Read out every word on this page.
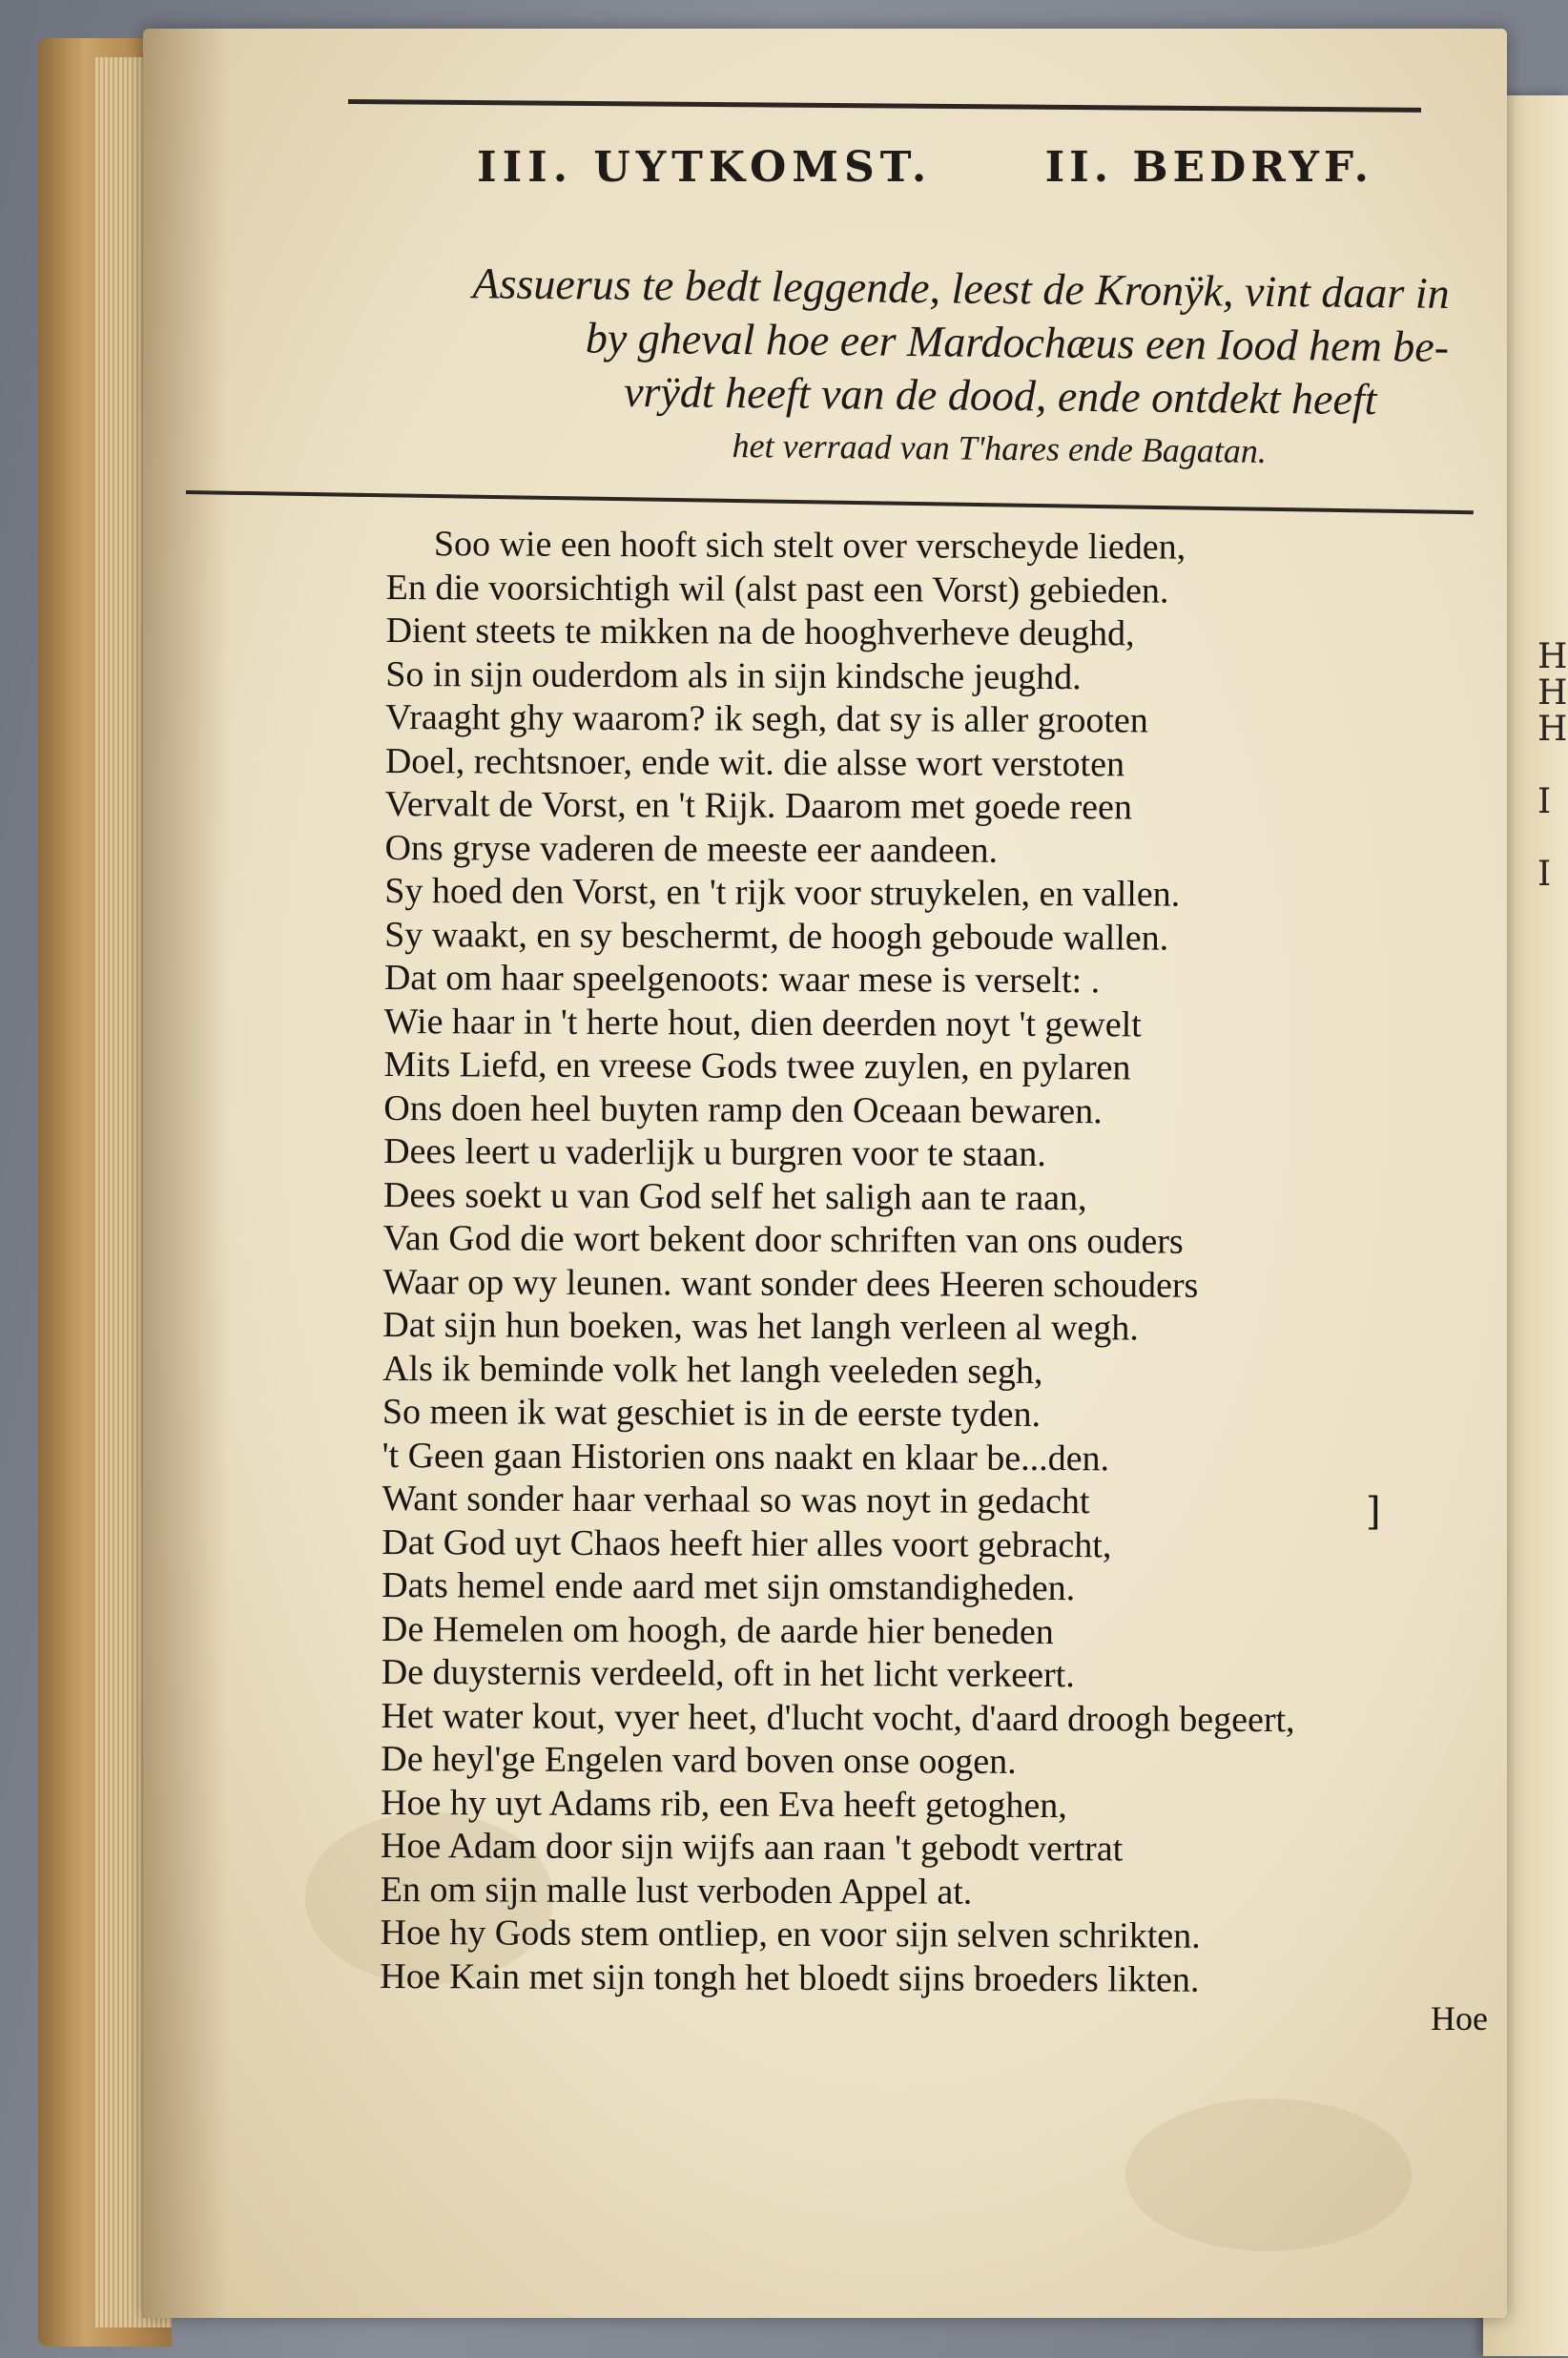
H
H
H

I

I
III. UYTKOMST.	II. BEDRYF.
Assuerus te bedt leggende, leest de Kronÿk, vint daar in
by gheval hoe eer Mardochæus een Iood hem be-
vrÿdt heeft van de dood, ende ontdekt heeft
het verraad van T'hares ende Bagatan.
Soo wie een hooft sich stelt over verscheyde lieden,
En die voorsichtigh wil (alst past een Vorst) gebieden.
Dient steets te mikken na de hooghverheve deughd,
So in sijn ouderdom als in sijn kindsche jeughd.
Vraaght ghy waarom? ik segh, dat sy is aller grooten
Doel, rechtsnoer, ende wit. die alsse wort verstoten
Vervalt de Vorst, en 't Rijk. Daarom met goede reen
Ons gryse vaderen de meeste eer aandeen.
Sy hoed den Vorst, en 't rijk voor struykelen, en vallen.
Sy waakt, en sy beschermt, de hoogh geboude wallen.
Dat om haar speelgenoots: waar mese is verselt: .
Wie haar in 't herte hout, dien deerden noyt 't gewelt
Mits Liefd, en vreese Gods twee zuylen, en pylaren
Ons doen heel buyten ramp den Oceaan bewaren.
Dees leert u vaderlijk u burgren voor te staan.
Dees soekt u van God self het saligh aan te raan,
Van God die wort bekent door schriften van ons ouders
Waar op wy leunen. want sonder dees Heeren schouders
Dat sijn hun boeken, was het langh verleen al wegh.
Als ik beminde volk het langh veeleden segh,
So meen ik wat geschiet is in de eerste tyden.
't Geen gaan Historien ons naakt en klaar be...den.
Want sonder haar verhaal so was noyt in gedacht
Dat God uyt Chaos heeft hier alles voort gebracht,
Dats hemel ende aard met sijn omstandigheden.
De Hemelen om hoogh, de aarde hier beneden
De duysternis verdeeld, oft in het licht verkeert.
Het water kout, vyer heet, d'lucht vocht, d'aard droogh begeert,
De heyl'ge Engelen vard boven onse oogen.
Hoe hy uyt Adams rib, een Eva heeft getoghen,
Hoe Adam door sijn wijfs aan raan 't gebodt vertrat
En om sijn malle lust verboden Appel at.
Hoe hy Gods stem ontliep, en voor sijn selven schrikten.
Hoe Kain met sijn tongh het bloedt sijns broeders likten.
]
Hoe
